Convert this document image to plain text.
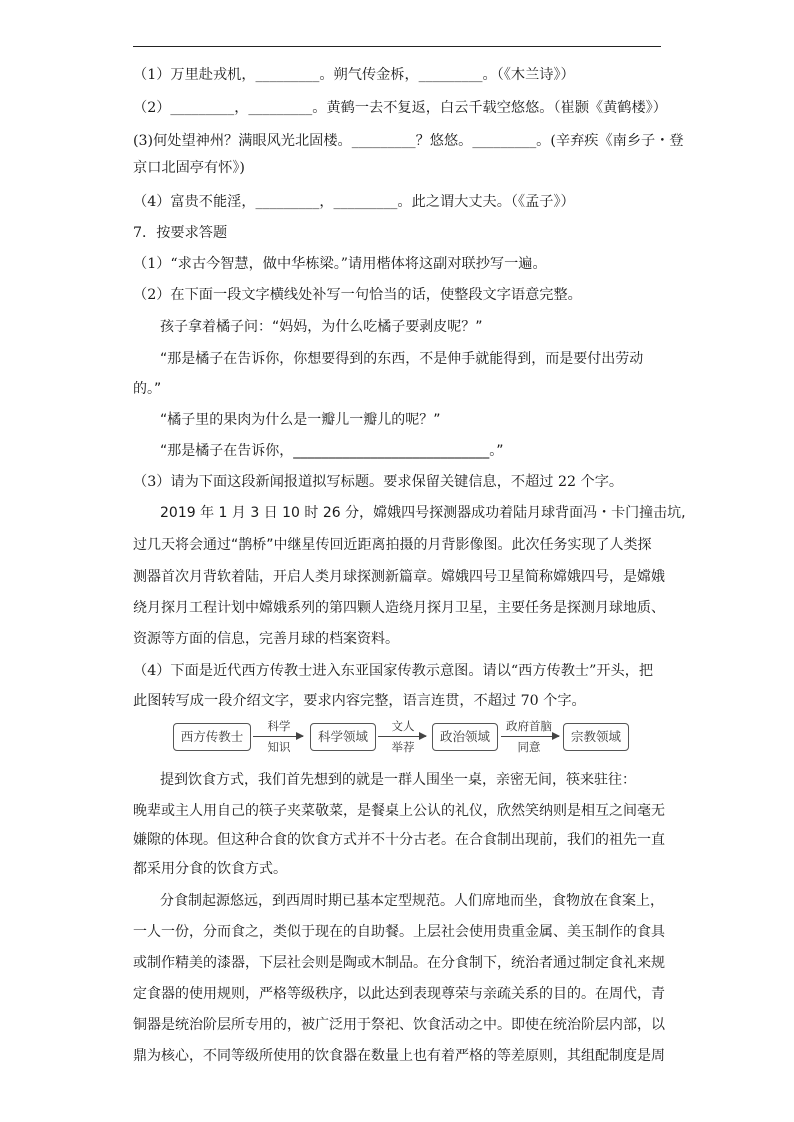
（1）万里赴戎机，_________。朔气传金柝，_________。（《木兰诗》）
（2）_________，_________。黄鹤一去不复返，白云千载空悠悠。（崔颢《黄鹤楼》）
(3)何处望神州？满眼风光北固楼。_________？悠悠。_________。(辛弃疾《南乡子・登
京口北固亭有怀》)
（4）富贵不能淫，_________，_________。此之谓大丈夫。（《孟子》）
7．按要求答题
（1）“求古今智慧，做中华栋梁。”请用楷体将这副对联抄写一遍。
（2）在下面一段文字横线处补写一句恰当的话，使整段文字语意完整。
孩子拿着橘子问：“妈妈，为什么吃橘子要剥皮呢？”
“那是橘子在告诉你，你想要得到的东西，不是伸手就能得到，而是要付出劳动
的。”
“橘子里的果肉为什么是一瓣儿一瓣儿的呢？”
“那是橘子在告诉你，____________________________。”
（3）请为下面这段新闻报道拟写标题。要求保留关键信息，不超过 22 个字。
2019 年 1 月 3 日 10 时 26 分，嫦娥四号探测器成功着陆月球背面冯・卡门撞击坑,
过几天将会通过“鹊桥”中继星传回近距离拍摄的月背影像图。此次任务实现了人类探
测器首次月背软着陆，开启人类月球探测新篇章。嫦娥四号卫星简称嫦娥四号，是嫦娥
绕月探月工程计划中嫦娥系列的第四颗人造绕月探月卫星，主要任务是探测月球地质、
资源等方面的信息，完善月球的档案资料。
（4）下面是近代西方传教士进入东亚国家传教示意图。请以“西方传教士”开头，把
此图转写成一段介绍文字，要求内容完整，语言连贯，不超过 70 个字。
西方传教士
科学
知识
科学领域
文人
举荐
政治领域
政府首脑
同意
宗教领域
提到饮食方式，我们首先想到的就是一群人围坐一桌，亲密无间，筷来驻往：
晚辈或主人用自己的筷子夹菜敬菜，是餐桌上公认的礼仪，欣然笑纳则是相互之间毫无
嫌隙的体现。但这种合食的饮食方式并不十分古老。在合食制出现前，我们的祖先一直
都采用分食的饮食方式。
分食制起源悠远，到西周时期已基本定型规范。人们席地而坐，食物放在食案上，
一人一份，分而食之，类似于现在的自助餐。上层社会使用贵重金属、美玉制作的食具
或制作精美的漆器，下层社会则是陶或木制品。在分食制下，统治者通过制定食礼来规
定食器的使用规则，严格等级秩序，以此达到表现尊荣与亲疏关系的目的。在周代，青
铜器是统治阶层所专用的，被广泛用于祭祀、饮食活动之中。即使在统治阶层内部，以
鼎为核心，不同等级所使用的饮食器在数量上也有着严格的等差原则，其组配制度是周
